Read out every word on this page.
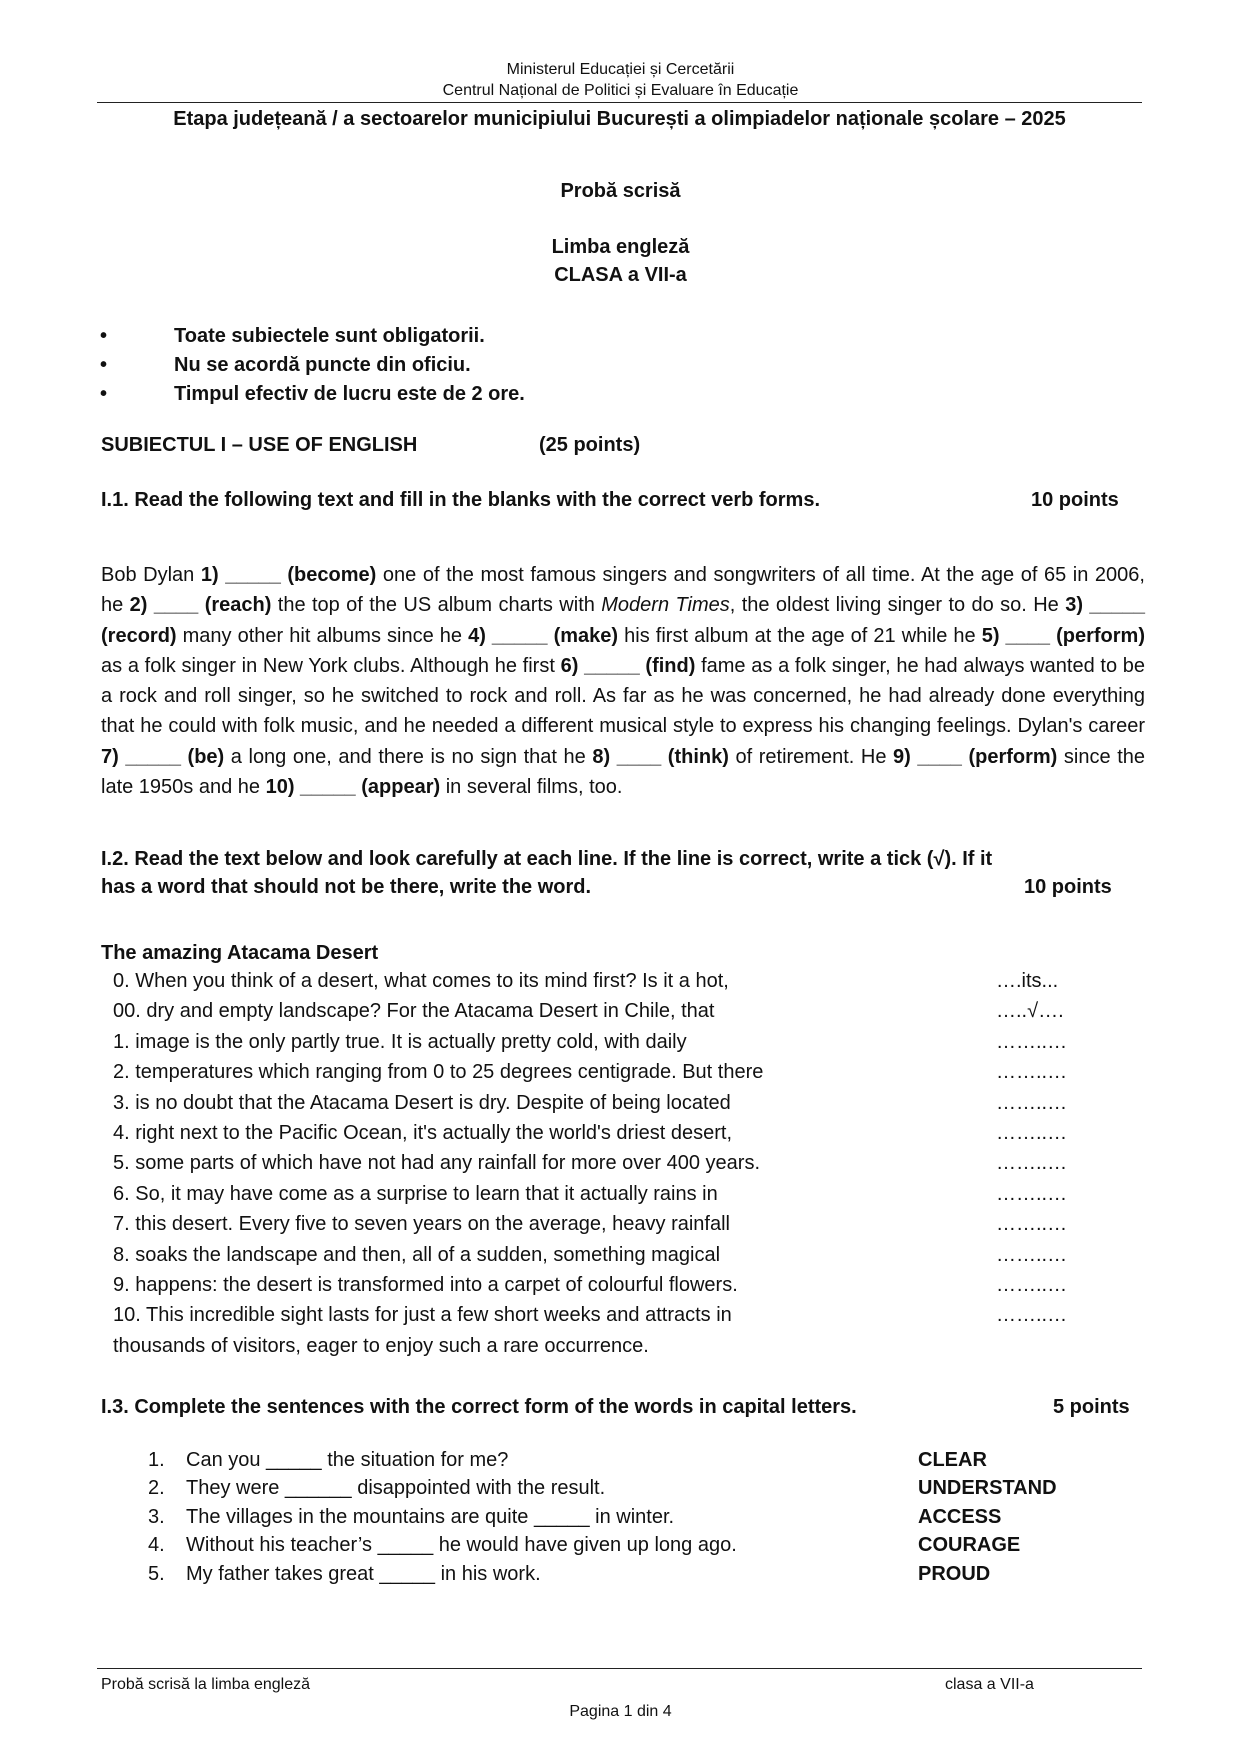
Ministerul Educației și Cercetării
Centrul Național de Politici și Evaluare în Educație
Etapa județeană / a sectoarelor municipiului București a olimpiadelor naționale școlare – 2025
Probă scrisă
Limba engleză
CLASA a VII-a
•	Toate subiectele sunt obligatorii.
•	Nu se acordă puncte din oficiu.
•	Timpul efectiv de lucru este de 2 ore.
SUBIECTUL I – USE OF ENGLISH	(25 points)
I.1. Read the following text and fill in the blanks with the correct verb forms.	10 points
Bob Dylan 1) _____ (become) one of the most famous singers and songwriters of all time. At the age of 65 in 2006, he 2) ____ (reach) the top of the US album charts with Modern Times, the oldest living singer to do so. He 3) _____ (record) many other hit albums since he 4) _____ (make) his first album at the age of 21 while he 5) ____ (perform) as a folk singer in New York clubs. Although he first 6) _____ (find) fame as a folk singer, he had always wanted to be a rock and roll singer, so he switched to rock and roll. As far as he was concerned, he had already done everything that he could with folk music, and he needed a different musical style to express his changing feelings. Dylan's career 7) _____ (be) a long one, and there is no sign that he 8) ____ (think) of retirement. He 9) ____ (perform) since the late 1950s and he 10) _____ (appear) in several films, too.
I.2. Read the text below and look carefully at each line. If the line is correct, write a tick (√). If it
has a word that should not be there, write the word.	10 points
The amazing Atacama Desert
0. When you think of a desert, what comes to its mind first? Is it a hot,	….its...
00. dry and empty landscape? For the Atacama Desert in Chile, that	…..√….
1. image is the only partly true. It is actually pretty cold, with daily	……..…
2. temperatures which ranging from 0 to 25 degrees centigrade. But there	……..…
3. is no doubt that the Atacama Desert is dry. Despite of being located	……..…
4. right next to the Pacific Ocean, it's actually the world's driest desert,	……..…
5. some parts of which have not had any rainfall for more over 400 years.	……..…
6. So, it may have come as a surprise to learn that it actually rains in	……..…
7. this desert. Every five to seven years on the average, heavy rainfall	……..…
8. soaks the landscape and then, all of a sudden, something magical	……..…
9. happens: the desert is transformed into a carpet of colourful flowers.	……..…
10. This incredible sight lasts for just a few short weeks and attracts in	……..…
thousands of visitors, eager to enjoy such a rare occurrence.
I.3. Complete the sentences with the correct form of the words in capital letters.	5 points
1. Can you _____ the situation for me?	CLEAR
2. They were ______ disappointed with the result.	UNDERSTAND
3. The villages in the mountains are quite _____ in winter.	ACCESS
4. Without his teacher’s _____ he would have given up long ago.	COURAGE
5. My father takes great _____ in his work.	PROUD
Probă scrisă la limba engleză	clasa a VII-a
Pagina 1 din 4
